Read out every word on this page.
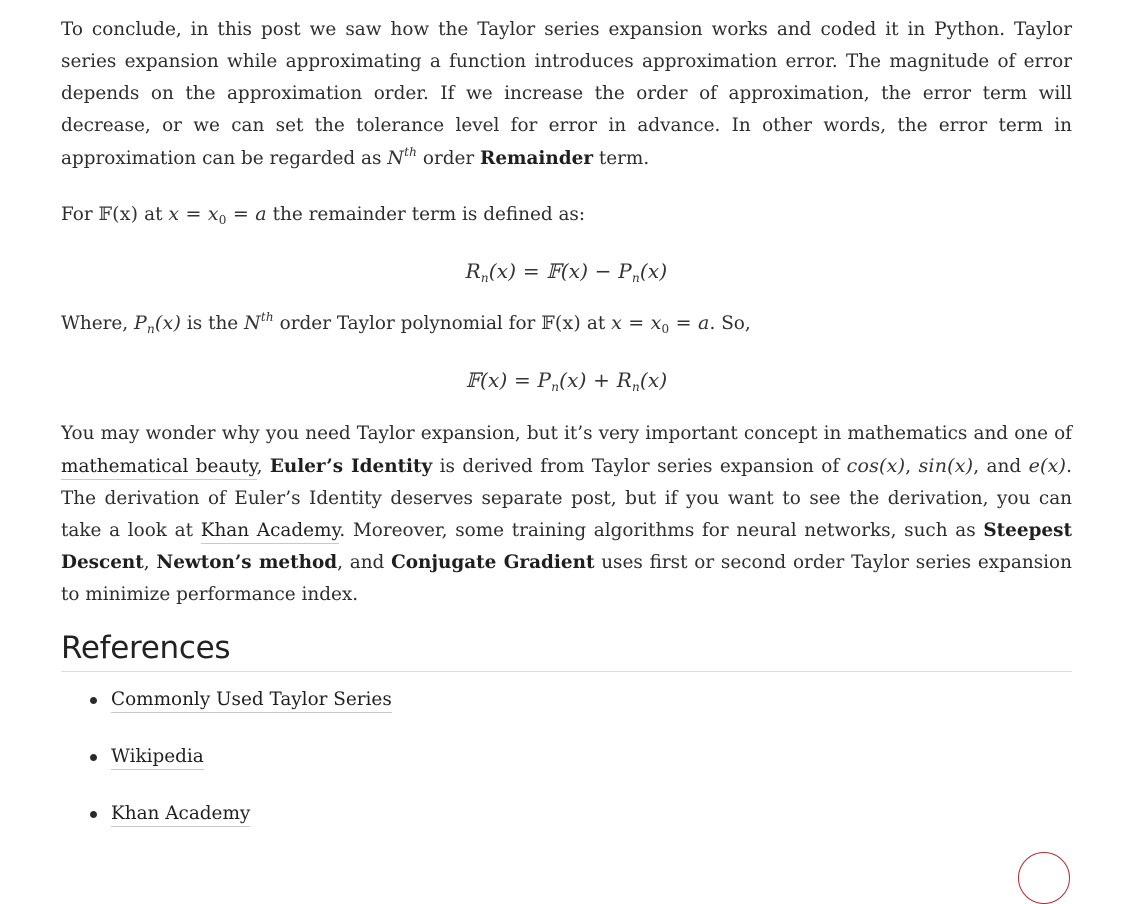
To conclude, in this post we saw how the Taylor series expansion works and coded it in Python. Taylor series expansion while approximating a function introduces approximation error. The magnitude of error depends on the approximation order. If we increase the order of approximation, the error term will decrease, or we can set the tolerance level for error in advance. In other words, the error term in approximation can be regarded as $N^{th}$ order Remainder term.

For 𝔽(x) at $x = x_0 = a$ the remainder term is defined as:

$R_n(x)$ = 𝔽(x) − $P_n(x)$

Where, $P_n(x)$ is the $N^{th}$ order Taylor polynomial for 𝔽(x) at $x = x_0 = a$. So,

𝔽(x) = $P_n(x) + R_n(x)$

You may wonder why you need Taylor expansion, but it’s very important concept in mathematics and one of mathematical beauty, Euler’s Identity is derived from Taylor series expansion of cos(x), sin(x), and e(x). The derivation of Euler’s Identity deserves separate post, but if you want to see the derivation, you can take a look at Khan Academy. Moreover, some training algorithms for neural networks, such as Steepest Descent, Newton’s method, and Conjugate Gradient uses first or second order Taylor series expansion to minimize performance index.

References
Commonly Used Taylor Series
Wikipedia
Khan Academy
